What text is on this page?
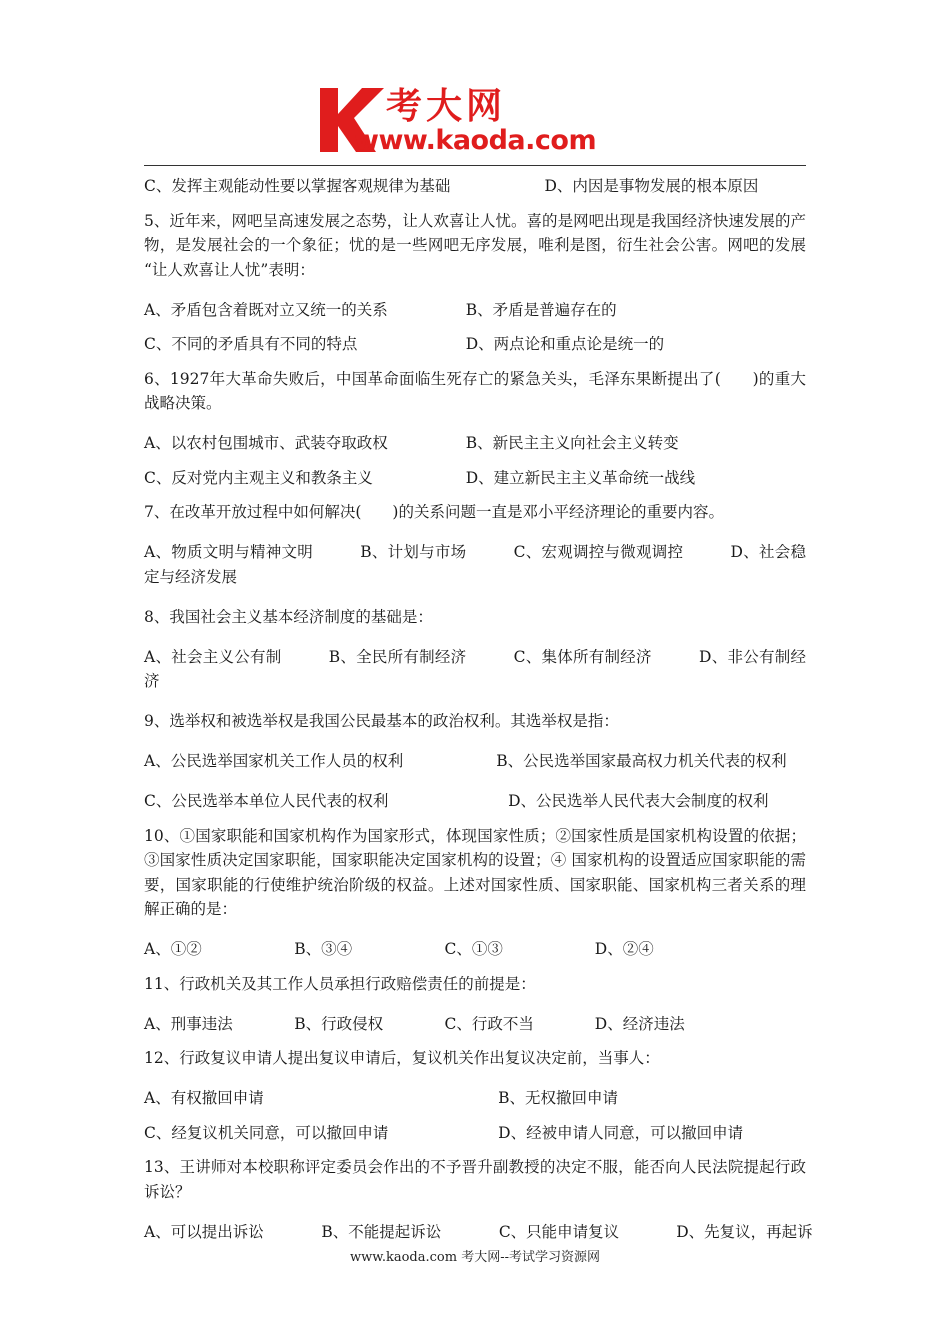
考大网
www.kaoda.com
C、发挥主观能动性要以掌握客观规律为基础	D、内因是事物发展的根本原因

5、近年来，网吧呈高速发展之态势，让人欢喜让人忧。喜的是网吧出现是我国经济快速发展的产物，是发展社会的一个象征；忧的是一些网吧无序发展，唯利是图，衍生社会公害。网吧的发展 “让人欢喜让人忧”表明：

A、矛盾包含着既对立又统一的关系	B、矛盾是普遍存在的
C、不同的矛盾具有不同的特点	D、两点论和重点论是统一的

6、1927年大革命失败后，中国革命面临生死存亡的紧急关头，毛泽东果断提出了(　　)的重大战略决策。

A、以农村包围城市、武装夺取政权	B、新民主主义向社会主义转变
C、反对党内主观主义和教条主义	D、建立新民主主义革命统一战线

7、在改革开放过程中如何解决(　　)的关系问题一直是邓小平经济理论的重要内容。

A、物质文明与精神文明　　　B、计划与市场　　　C、宏观调控与微观调控　　　D、社会稳定与经济发展

8、我国社会主义基本经济制度的基础是：

A、社会主义公有制　　　B、全民所有制经济　　　C、集体所有制经济　　　D、非公有制经济

9、选举权和被选举权是我国公民最基本的政治权利。其选举权是指：

A、公民选举国家机关工作人员的权利　　　　　　B、公民选举国家最高权力机关代表的权利

C、公民选举本单位人民代表的权利	D、公民选举人民代表大会制度的权利

10、①国家职能和国家机构作为国家形式，体现国家性质；②国家性质是国家机构设置的依据；③国家性质决定国家职能，国家职能决定国家机构的设置；④ 国家机构的设置适应国家职能的需要，国家职能的行使维护统治阶级的权益。上述对国家性质、国家职能、国家机构三者关系的理解正确的是：

A、①②	B、③④	C、①③	D、②④

11、行政机关及其工作人员承担行政赔偿责任的前提是：

A、刑事违法	B、行政侵权	C、行政不当	D、经济违法

12、行政复议申请人提出复议申请后，复议机关作出复议决定前，当事人：

A、有权撤回申请	B、无权撤回申请
C、经复议机关同意，可以撤回申请	D、经被申请人同意，可以撤回申请

13、王讲师对本校职称评定委员会作出的不予晋升副教授的决定不服，能否向人民法院提起行政诉讼？

A、可以提出诉讼	B、不能提起诉讼	C、只能申请复议	D、先复议，再起诉
www.kaoda.com 考大网--考试学习资源网
